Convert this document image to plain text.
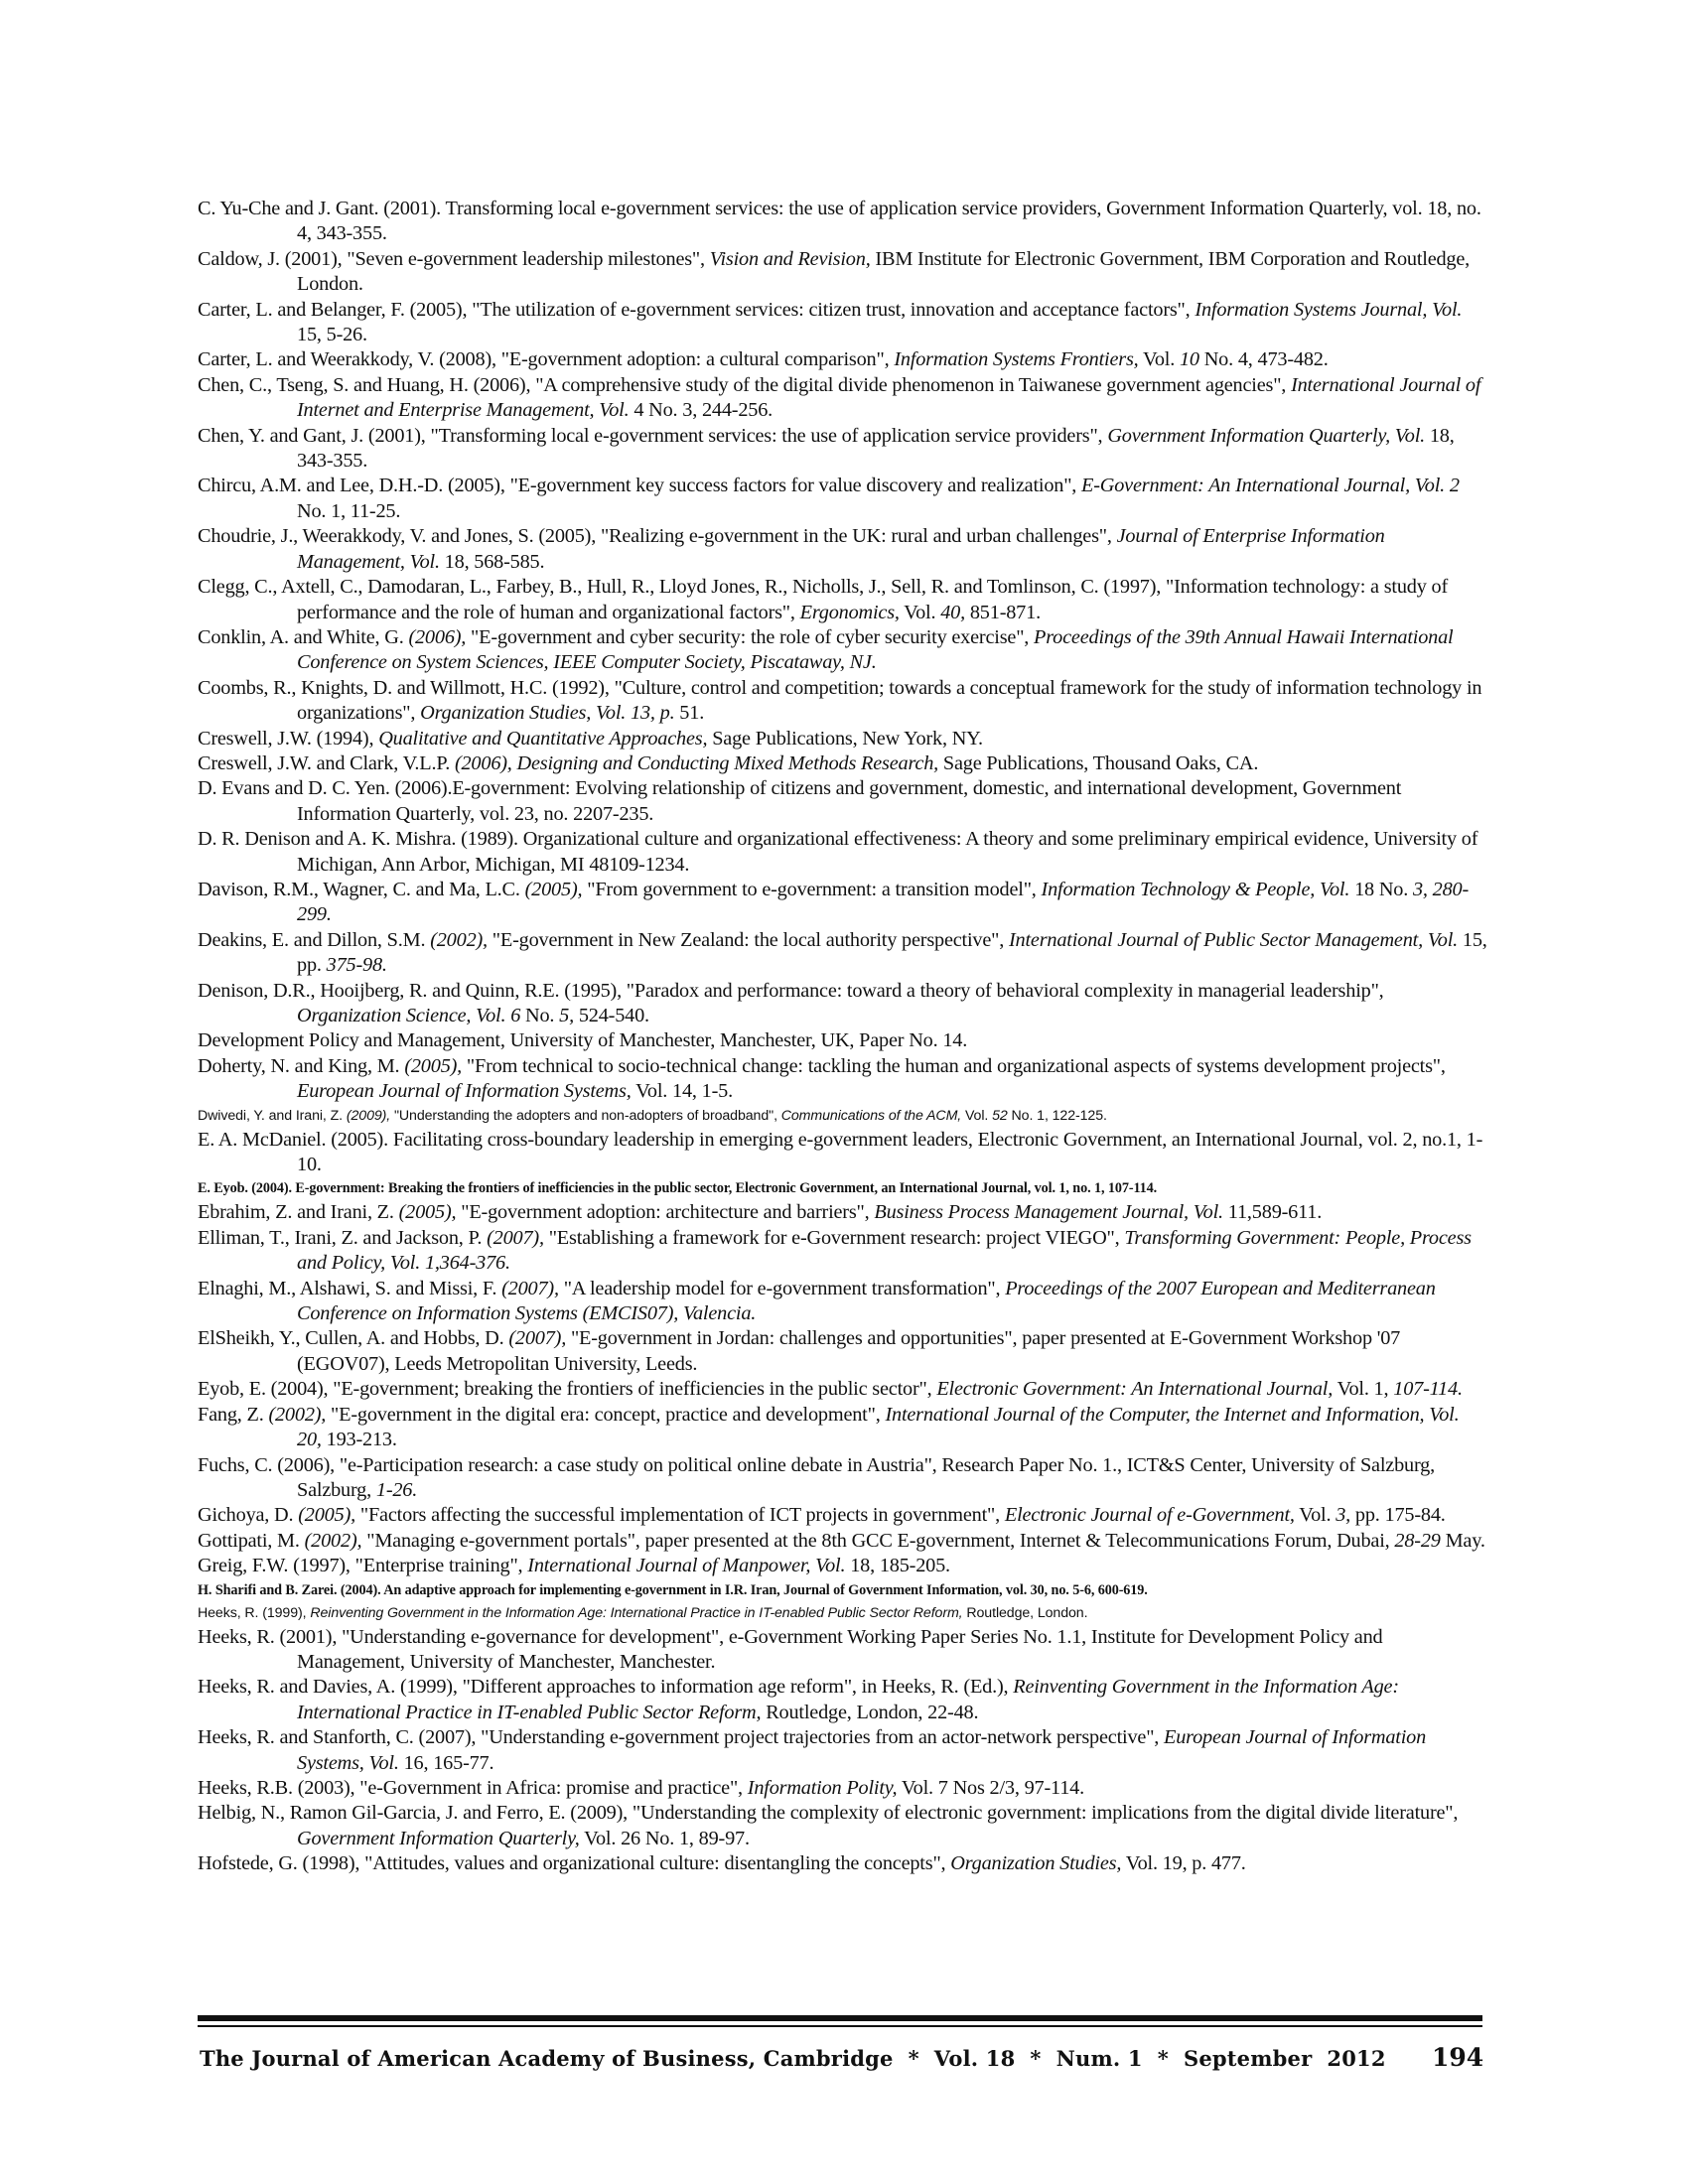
C. Yu-Che and J. Gant. (2001). Transforming local e-government services: the use of application service providers, Government Information Quarterly, vol. 18, no. 4, 343-355.
Caldow, J. (2001), "Seven e-government leadership milestones", Vision and Revision, IBM Institute for Electronic Government, IBM Corporation and Routledge, London.
Carter, L. and Belanger, F. (2005), "The utilization of e-government services: citizen trust, innovation and acceptance factors", Information Systems Journal, Vol. 15, 5-26.
Carter, L. and Weerakkody, V. (2008), "E-government adoption: a cultural comparison", Information Systems Frontiers, Vol. 10 No. 4, 473-482.
Chen, C., Tseng, S. and Huang, H. (2006), "A comprehensive study of the digital divide phenomenon in Taiwanese government agencies", International Journal of Internet and Enterprise Management, Vol. 4 No. 3, 244-256.
Chen, Y. and Gant, J. (2001), "Transforming local e-government services: the use of application service providers", Government Information Quarterly, Vol. 18, 343-355.
Chircu, A.M. and Lee, D.H.-D. (2005), "E-government key success factors for value discovery and realization", E-Government: An International Journal, Vol. 2 No. 1, 11-25.
Choudrie, J., Weerakkody, V. and Jones, S. (2005), "Realizing e-government in the UK: rural and urban challenges", Journal of Enterprise Information Management, Vol. 18, 568-585.
Clegg, C., Axtell, C., Damodaran, L., Farbey, B., Hull, R., Lloyd Jones, R., Nicholls, J., Sell, R. and Tomlinson, C. (1997), "Information technology: a study of performance and the role of human and organizational factors", Ergonomics, Vol. 40, 851-871.
Conklin, A. and White, G. (2006), "E-government and cyber security: the role of cyber security exercise", Proceedings of the 39th Annual Hawaii International Conference on System Sciences, IEEE Computer Society, Piscataway, NJ.
Coombs, R., Knights, D. and Willmott, H.C. (1992), "Culture, control and competition; towards a conceptual framework for the study of information technology in organizations", Organization Studies, Vol. 13, p. 51.
Creswell, J.W. (1994), Qualitative and Quantitative Approaches, Sage Publications, New York, NY.
Creswell, J.W. and Clark, V.L.P. (2006), Designing and Conducting Mixed Methods Research, Sage Publications, Thousand Oaks, CA.
D. Evans and D. C. Yen. (2006).E-government: Evolving relationship of citizens and government, domestic, and international development, Government Information Quarterly, vol. 23, no. 2207-235.
D. R. Denison and A. K. Mishra. (1989). Organizational culture and organizational effectiveness: A theory and some preliminary empirical evidence, University of Michigan, Ann Arbor, Michigan, MI 48109-1234.
Davison, R.M., Wagner, C. and Ma, L.C. (2005), "From government to e-government: a transition model", Information Technology & People, Vol. 18 No. 3, 280-299.
Deakins, E. and Dillon, S.M. (2002), "E-government in New Zealand: the local authority perspective", International Journal of Public Sector Management, Vol. 15, pp. 375-98.
Denison, D.R., Hooijberg, R. and Quinn, R.E. (1995), "Paradox and performance: toward a theory of behavioral complexity in managerial leadership", Organization Science, Vol. 6 No. 5, 524-540.
Development Policy and Management, University of Manchester, Manchester, UK, Paper No. 14.
Doherty, N. and King, M. (2005), "From technical to socio-technical change: tackling the human and organizational aspects of systems development projects", European Journal of Information Systems, Vol. 14, 1-5.
Dwivedi, Y. and Irani, Z. (2009), "Understanding the adopters and non-adopters of broadband", Communications of the ACM, Vol. 52 No. 1, 122-125.
E. A. McDaniel. (2005). Facilitating cross-boundary leadership in emerging e-government leaders, Electronic Government, an International Journal, vol. 2, no.1, 1-10.
E. Eyob. (2004). E-government: Breaking the frontiers of inefficiencies in the public sector, Electronic Government, an International Journal, vol. 1, no. 1, 107-114.
Ebrahim, Z. and Irani, Z. (2005), "E-government adoption: architecture and barriers", Business Process Management Journal, Vol. 11,589-611.
Elliman, T., Irani, Z. and Jackson, P. (2007), "Establishing a framework for e-Government research: project VIEGO", Transforming Government: People, Process and Policy, Vol. 1,364-376.
Elnaghi, M., Alshawi, S. and Missi, F. (2007), "A leadership model for e-government transformation", Proceedings of the 2007 European and Mediterranean Conference on Information Systems (EMCIS07), Valencia.
ElSheikh, Y., Cullen, A. and Hobbs, D. (2007), "E-government in Jordan: challenges and opportunities", paper presented at E-Government Workshop '07 (EGOV07), Leeds Metropolitan University, Leeds.
Eyob, E. (2004), "E-government; breaking the frontiers of inefficiencies in the public sector", Electronic Government: An International Journal, Vol. 1, 107-114.
Fang, Z. (2002), "E-government in the digital era: concept, practice and development", International Journal of the Computer, the Internet and Information, Vol. 20, 193-213.
Fuchs, C. (2006), "e-Participation research: a case study on political online debate in Austria", Research Paper No. 1., ICT&S Center, University of Salzburg, Salzburg, 1-26.
Gichoya, D. (2005), "Factors affecting the successful implementation of ICT projects in government", Electronic Journal of e-Government, Vol. 3, pp. 175-84.
Gottipati, M. (2002), "Managing e-government portals", paper presented at the 8th GCC E-government, Internet & Telecommunications Forum, Dubai, 28-29 May.
Greig, F.W. (1997), "Enterprise training", International Journal of Manpower, Vol. 18, 185-205.
H. Sharifi and B. Zarei. (2004). An adaptive approach for implementing e-government in I.R. Iran, Journal of Government Information, vol. 30, no. 5-6, 600-619.
Heeks, R. (1999), Reinventing Government in the Information Age: International Practice in IT-enabled Public Sector Reform, Routledge, London.
Heeks, R. (2001), "Understanding e-governance for development", e-Government Working Paper Series No. 1.1, Institute for Development Policy and Management, University of Manchester, Manchester.
Heeks, R. and Davies, A. (1999), "Different approaches to information age reform", in Heeks, R. (Ed.), Reinventing Government in the Information Age: International Practice in IT-enabled Public Sector Reform, Routledge, London, 22-48.
Heeks, R. and Stanforth, C. (2007), "Understanding e-government project trajectories from an actor-network perspective", European Journal of Information Systems, Vol. 16, 165-77.
Heeks, R.B. (2003), "e-Government in Africa: promise and practice", Information Polity, Vol. 7 Nos 2/3, 97-114.
Helbig, N., Ramon Gil-Garcia, J. and Ferro, E. (2009), "Understanding the complexity of electronic government: implications from the digital divide literature", Government Information Quarterly, Vol. 26 No. 1, 89-97.
Hofstede, G. (1998), "Attitudes, values and organizational culture: disentangling the concepts", Organization Studies, Vol. 19, p. 477.
The Journal of American Academy of Business, Cambridge  *  Vol. 18  *  Num. 1  *  September  2012 194
